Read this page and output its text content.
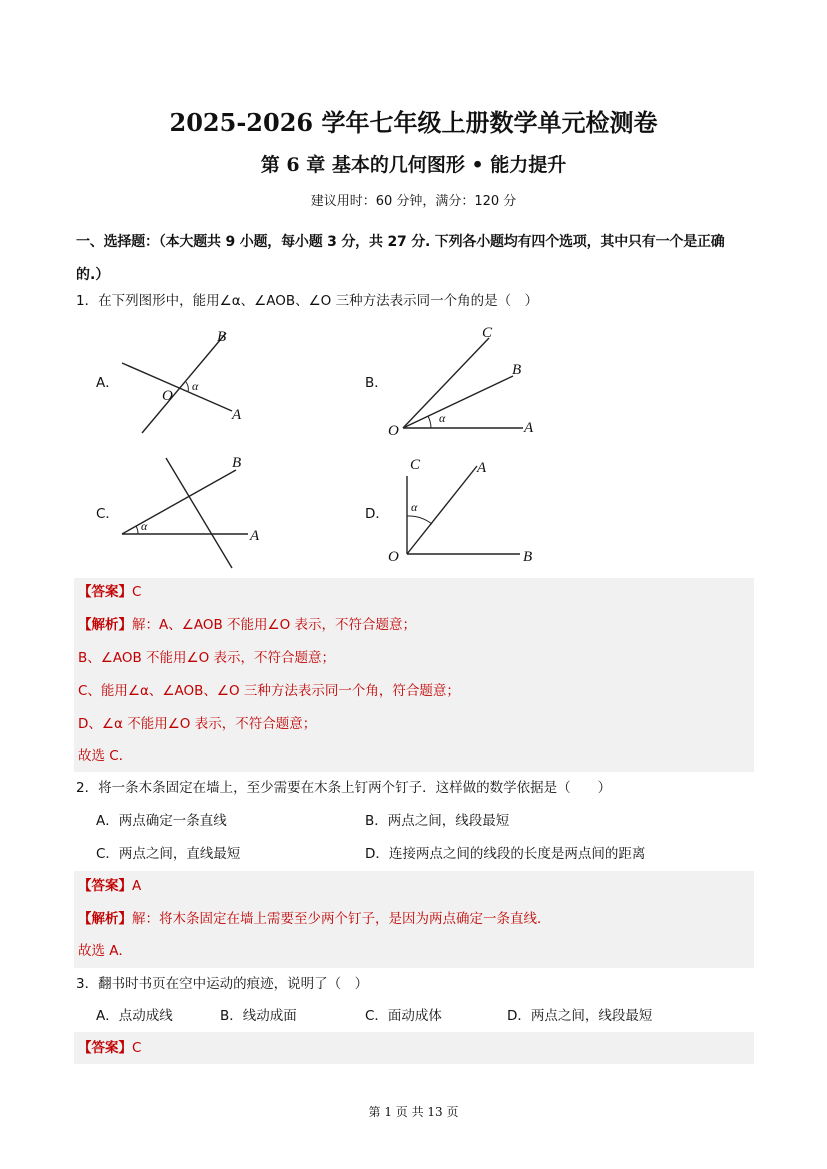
2025-2026 学年七年级上册数学单元检测卷
第 6 章 基本的几何图形 • 能力提升
建议用时：60 分钟，满分：120 分
一、选择题：（本大题共 9 小题，每小题 3 分，共 27 分. 下列各小题均有四个选项，其中只有一个是正确
的.）
1．在下列图形中，能用∠α、∠AOB、∠O 三种方法表示同一个角的是（　）
A．
B
O
α
A
B．
C
B
O
α
A
C．
B
α
A
D．
C	A
α
O	B
【答案】C
【解析】解：A、∠AOB 不能用∠O 表示，不符合题意；
B、∠AOB 不能用∠O 表示，不符合题意；
C、能用∠α、∠AOB、∠O 三种方法表示同一个角，符合题意；
D、∠α 不能用∠O 表示，不符合题意；
故选 C．
2．将一条木条固定在墙上，至少需要在木条上钉两个钉子．这样做的数学依据是（　　）
A．两点确定一条直线	B．两点之间，线段最短
C．两点之间，直线最短	D．连接两点之间的线段的长度是两点间的距离
【答案】A
【解析】解：将木条固定在墙上需要至少两个钉子，是因为两点确定一条直线．
故选 A．
3．翻书时书页在空中运动的痕迹，说明了（　）
A．点动成线	B．线动成面	C．面动成体	D．两点之间，线段最短
【答案】C
第 1 页 共 13 页
